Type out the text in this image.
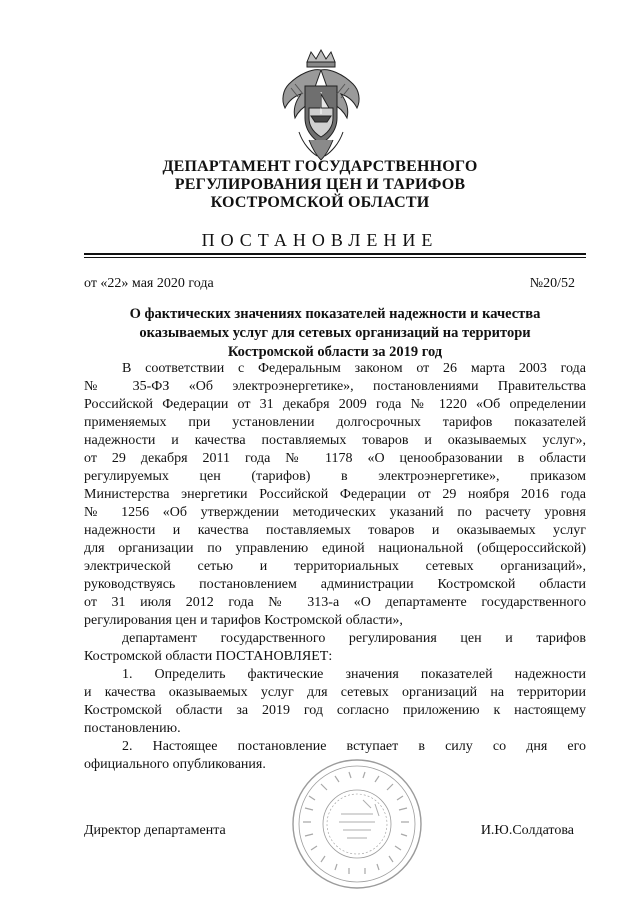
ДЕПАРТАМЕНТ ГОСУДАРСТВЕННОГО
РЕГУЛИРОВАНИЯ ЦЕН И ТАРИФОВ
КОСТРОМСКОЙ ОБЛАСТИ
ПОСТАНОВЛЕНИЕ
от «22» мая 2020 года	№20/52
О фактических значениях показателей надежности и качества
оказываемых услуг для сетевых организаций на территори
Костромской области за 2019 год
В соответствии с Федеральным законом от 26 марта 2003 года
№ 35-ФЗ «Об электроэнергетике», постановлениями Правительства
Российской Федерации от 31 декабря 2009 года № 1220 «Об определении
применяемых при установлении долгосрочных тарифов показателей
надежности и качества поставляемых товаров и оказываемых услуг»,
от 29 декабря 2011 года № 1178 «О ценообразовании в области
регулируемых цен (тарифов) в электроэнергетике», приказом
Министерства энергетики Российской Федерации от 29 ноября 2016 года
№ 1256 «Об утверждении методических указаний по расчету уровня
надежности и качества поставляемых товаров и оказываемых услуг
для организации по управлению единой национальной (общероссийской)
электрической сетью и территориальных сетевых организаций»,
руководствуясь постановлением администрации Костромской области
от 31 июля 2012 года № 313-а «О департаменте государственного
регулирования цен и тарифов Костромской области»,
департамент государственного регулирования цен и тарифов
Костромской области ПОСТАНОВЛЯЕТ:
1. Определить фактические значения показателей надежности
и качества оказываемых услуг для сетевых организаций на территории
Костромской области за 2019 год согласно приложению к настоящему
постановлению.
2. Настоящее постановление вступает в силу со дня его
официального опубликования.
Директор департамента	И.Ю.Солдатова
